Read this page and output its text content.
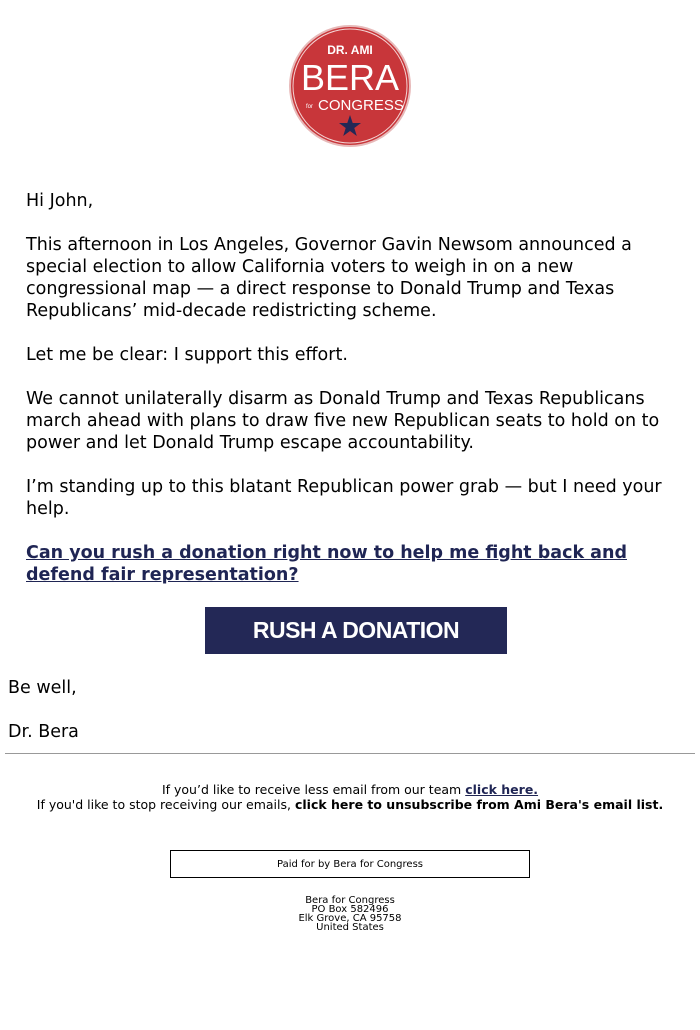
DR. AMI
BERA
for CONGRESS
Hi John,
This afternoon in Los Angeles, Governor Gavin Newsom announced a special election to allow California voters to weigh in on a new congressional map — a direct response to Donald Trump and Texas Republicans’ mid-decade redistricting scheme.
Let me be clear: I support this effort.
We cannot unilaterally disarm as Donald Trump and Texas Republicans march ahead with plans to draw five new Republican seats to hold on to power and let Donald Trump escape accountability.
I’m standing up to this blatant Republican power grab — but I need your help.
Can you rush a donation right now to help me fight back and defend fair representation?
RUSH A DONATION
Be well,
Dr. Bera
If you’d like to receive less email from our team click here.
If you'd like to stop receiving our emails, click here to unsubscribe from Ami Bera's email list.
Paid for by Bera for Congress
Bera for Congress
PO Box 582496
Elk Grove, CA 95758
United States
